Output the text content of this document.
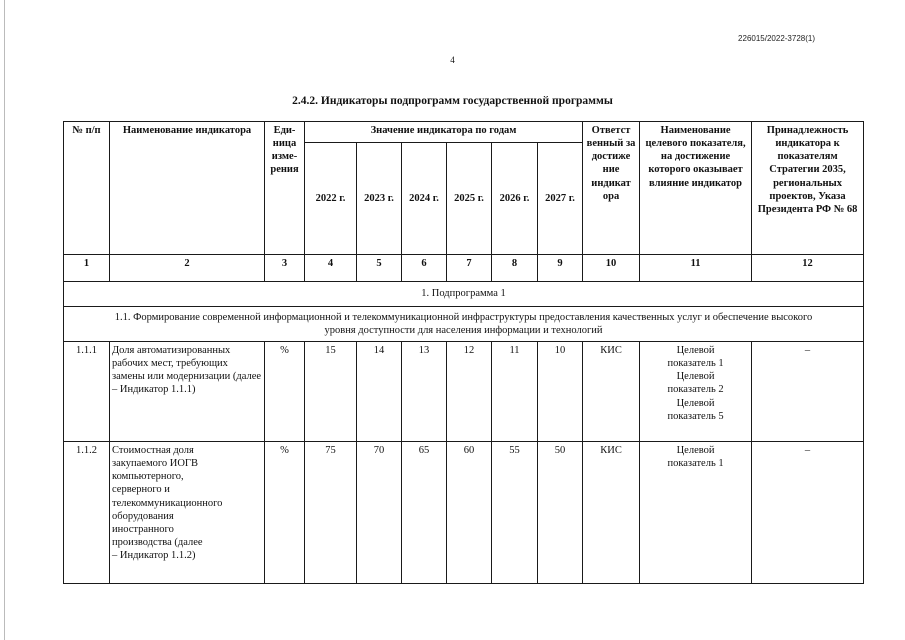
226015/2022-3728(1)
4
2.4.2. Индикаторы подпрограмм государственной программы
№ п/п	Наименование индикатора	Еди-ница изме-рения	Значение индикатора по годам						Ответст венный за достиже ние индикат ора	Наименование целевого показателя, на достижение которого оказывает влияние индикатор	Принадлежность индикатора к показателям Стратегии 2035, региональных проектов, Указа Президента РФ № 68
			2022 г.	2023 г.	2024 г.	2025 г.	2026 г.	2027 г.			
1	2	3	4	5	6	7	8	9	10	11	12
1. Подпрограмма 1											
1.1. Формирование современной информационной и телекоммуникационной инфраструктуры предоставления качественных услуг и обеспечение высокого уровня доступности для населения информации и технологий											
1.1.1	Доля автоматизированных рабочих мест, требующих замены или модернизации (далее – Индикатор 1.1.1)	%	15	14	13	12	11	10	КИС	Целевой показатель 1 Целевой показатель 2 Целевой показатель 5	–
1.1.2	Стоимостная доля закупаемого ИОГВ компьютерного, серверного и телекоммуникационного оборудования иностранного производства (далее – Индикатор 1.1.2)	%	75	70	65	60	55	50	КИС	Целевой показатель 1	–
